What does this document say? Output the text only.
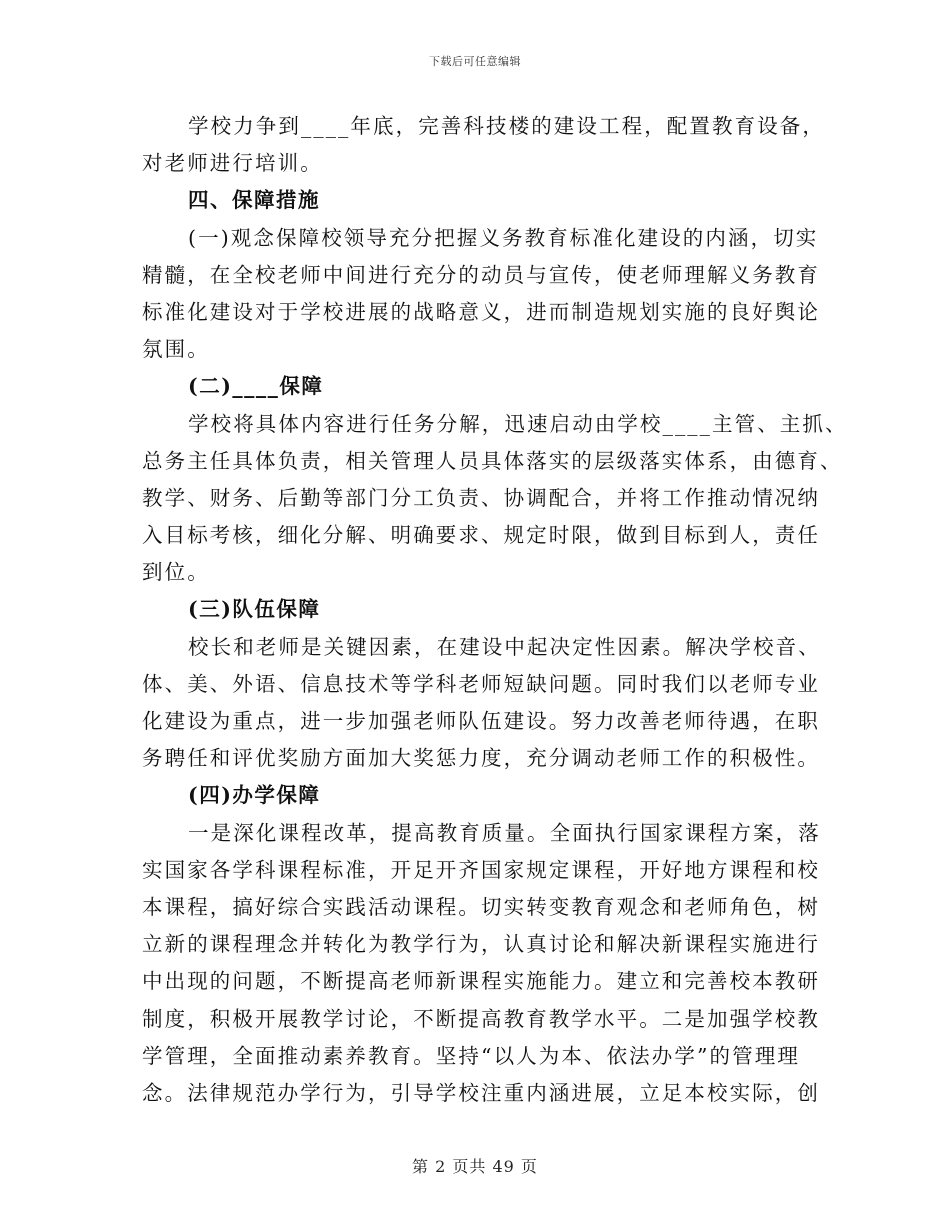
下载后可任意编辑
学校力争到____年底，完善科技楼的建设工程，配置教育设备，
对老师进行培训。
四、保障措施
(一)观念保障校领导充分把握义务教育标准化建设的内涵，切实
精髓，在全校老师中间进行充分的动员与宣传，使老师理解义务教育
标准化建设对于学校进展的战略意义，进而制造规划实施的良好舆论
氛围。
(二)____保障
学校将具体内容进行任务分解，迅速启动由学校____主管、主抓、
总务主任具体负责，相关管理人员具体落实的层级落实体系，由德育、
教学、财务、后勤等部门分工负责、协调配合，并将工作推动情况纳
入目标考核，细化分解、明确要求、规定时限，做到目标到人，责任
到位。
(三)队伍保障
校长和老师是关键因素，在建设中起决定性因素。解决学校音、
体、美、外语、信息技术等学科老师短缺问题。同时我们以老师专业
化建设为重点，进一步加强老师队伍建设。努力改善老师待遇，在职
务聘任和评优奖励方面加大奖惩力度，充分调动老师工作的积极性。
(四)办学保障
一是深化课程改革，提高教育质量。全面执行国家课程方案，落
实国家各学科课程标准，开足开齐国家规定课程，开好地方课程和校
本课程，搞好综合实践活动课程。切实转变教育观念和老师角色，树
立新的课程理念并转化为教学行为，认真讨论和解决新课程实施进行
中出现的问题，不断提高老师新课程实施能力。建立和完善校本教研
制度，积极开展教学讨论，不断提高教育教学水平。二是加强学校教
学管理，全面推动素养教育。坚持“以人为本、依法办学”的管理理
念。法律规范办学行为，引导学校注重内涵进展，立足本校实际，创
第 2 页共 49 页
